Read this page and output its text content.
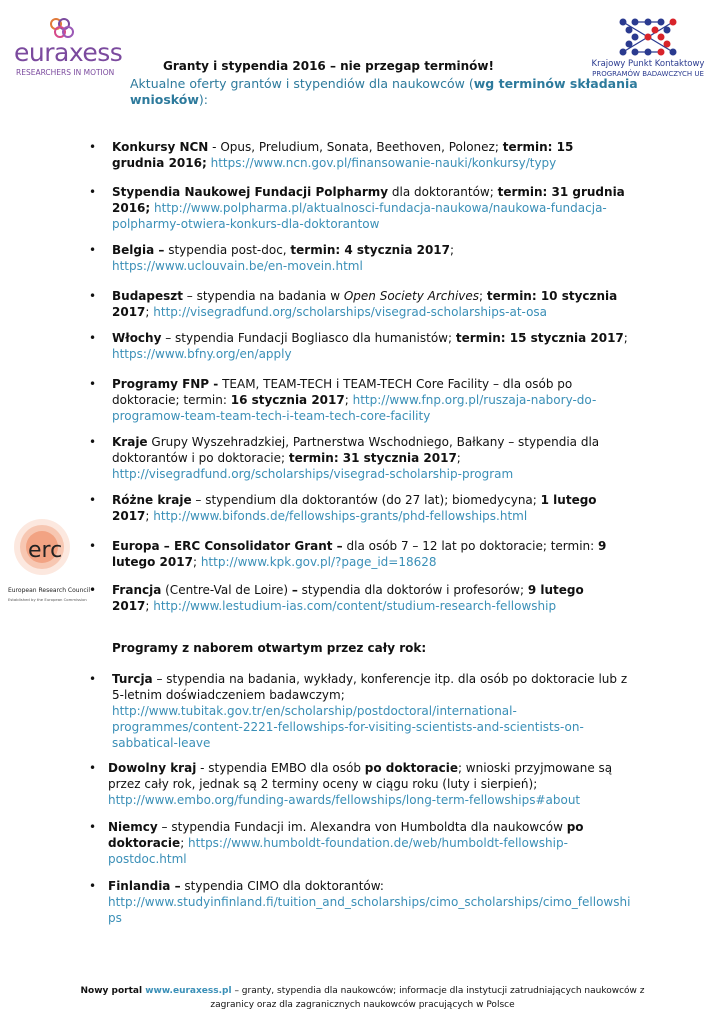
euraxess
RESEARCHERS IN MOTION
Krajowy Punkt Kontaktowy
PROGRAMÓW BADAWCZYCH UE
Granty i stypendia 2016 – nie przegap terminów!
Aktualne oferty grantów i stypendiów dla naukowców (wg terminów składania wniosków):
• Konkursy NCN - Opus, Preludium, Sonata, Beethoven, Polonez; termin: 15 grudnia 2016; https://www.ncn.gov.pl/finansowanie-nauki/konkursy/typy
• Stypendia Naukowej Fundacji Polpharmy dla doktorantów; termin: 31 grudnia 2016; http://www.polpharma.pl/aktualnosci-fundacja-naukowa/naukowa-fundacja-polpharmy-otwiera-konkurs-dla-doktorantow
• Belgia – stypendia post-doc, termin: 4 stycznia 2017; https://www.uclouvain.be/en-movein.html
• Budapeszt – stypendia na badania w Open Society Archives; termin: 10 stycznia 2017; http://visegradfund.org/scholarships/visegrad-scholarships-at-osa
• Włochy – stypendia Fundacji Bogliasco dla humanistów; termin: 15 stycznia 2017; https://www.bfny.org/en/apply
• Programy FNP - TEAM, TEAM-TECH i TEAM-TECH Core Facility – dla osób po doktoracie; termin: 16 stycznia 2017; http://www.fnp.org.pl/ruszaja-nabory-do-programow-team-team-tech-i-team-tech-core-facility
• Kraje Grupy Wyszehradzkiej, Partnerstwa Wschodniego, Bałkany – stypendia dla doktorantów i po doktoracie; termin: 31 stycznia 2017; http://visegradfund.org/scholarships/visegrad-scholarship-program
• Różne kraje – stypendium dla doktorantów (do 27 lat); biomedycyna; 1 lutego 2017; http://www.bifonds.de/fellowships-grants/phd-fellowships.html
• Europa – ERC Consolidator Grant – dla osób 7 – 12 lat po doktoracie; termin: 9 lutego 2017; http://www.kpk.gov.pl/?page_id=18628
• Francja (Centre-Val de Loire) – stypendia dla doktorów i profesorów; 9 lutego 2017; http://www.lestudium-ias.com/content/studium-research-fellowship
erc
European Research Council
Established by the European Commission
Programy z naborem otwartym przez cały rok:
• Turcja – stypendia na badania, wykłady, konferencje itp. dla osób po doktoracie lub z 5-letnim doświadczeniem badawczym;
http://www.tubitak.gov.tr/en/scholarship/postdoctoral/international-programmes/content-2221-fellowships-for-visiting-scientists-and-scientists-on-sabbatical-leave
• Dowolny kraj - stypendia EMBO dla osób po doktoracie; wnioski przyjmowane są przez cały rok, jednak są 2 terminy oceny w ciągu roku (luty i sierpień);
http://www.embo.org/funding-awards/fellowships/long-term-fellowships#about
• Niemcy – stypendia Fundacji im. Alexandra von Humboldta dla naukowców po doktoracie; https://www.humboldt-foundation.de/web/humboldt-fellowship-postdoc.html
• Finlandia – stypendia CIMO dla doktorantów:
http://www.studyinfinland.fi/tuition_and_scholarships/cimo_scholarships/cimo_fellowships
Nowy portal www.euraxess.pl – granty, stypendia dla naukowców; informacje dla instytucji zatrudniających naukowców z zagranicy oraz dla zagranicznych naukowców pracujących w Polsce
